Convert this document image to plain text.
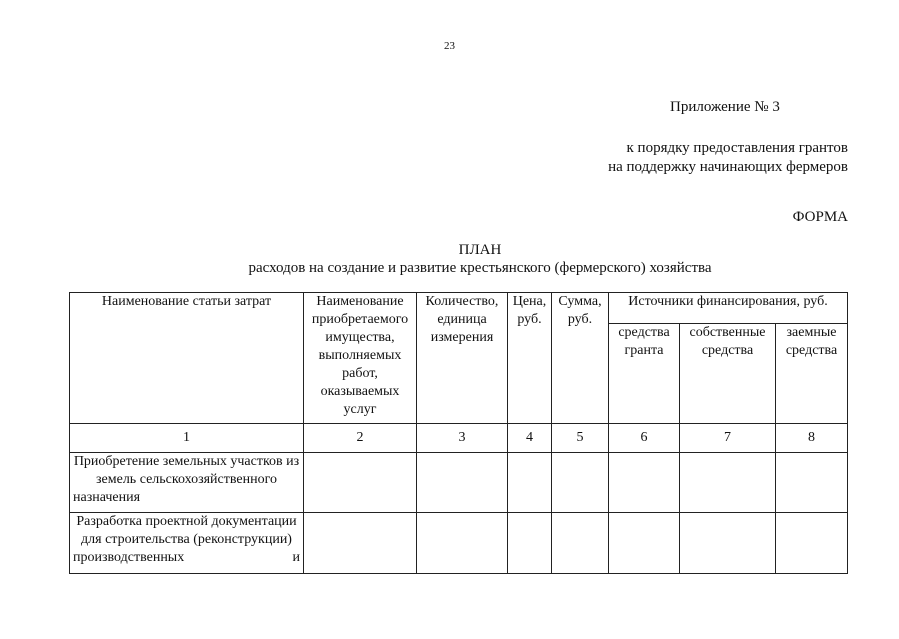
23
Приложение № 3
к порядку предоставления грантов
на поддержку начинающих фермеров
ФОРМА
ПЛАН
расходов на создание и развитие крестьянского (фермерского) хозяйства
Наименование статьи затрат	Наименование приобретаемого имущества, выполняемых работ, оказываемых услуг	Количество, единица измерения	Цена, руб.	Сумма, руб.	Источники финансирования, руб.		
					средства гранта	собственные средства	заемные средства
1	2	3	4	5	6	7	8
Приобретение земельных участков из земель сельскохозяйственного назначения							
Разработка проектной документации для строительства (реконструкции) производственных и							
